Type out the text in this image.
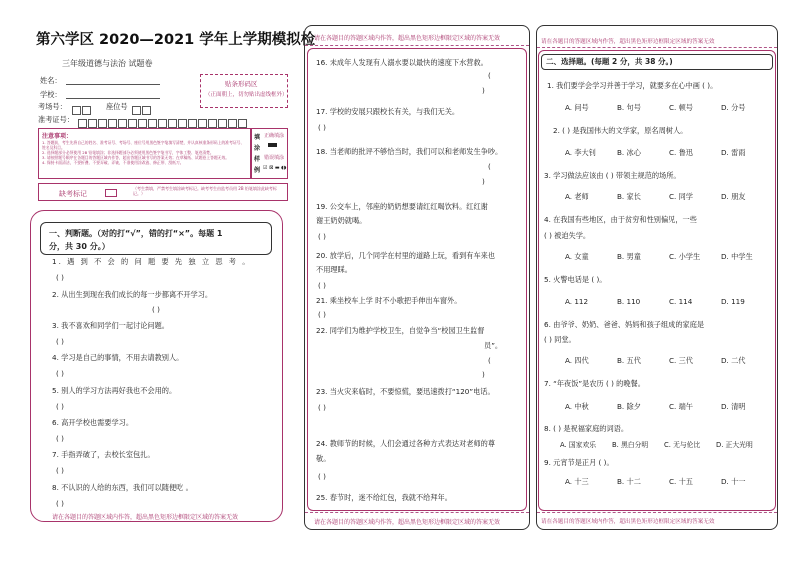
第六学区 2020—2021 学年上学期模拟检
三年级道德与法治 试题卷
姓名：
学校：
考场号：	座位号
准考证号：
贴条形码区
（正面朝上，切勿贴出虚线框外）
注意事项：
1. 答题前，考生先将自己的姓名、准考证号、考场号、座位号用黑色签字笔填写清楚，并认真核准条形码上的准考证号、姓名及科目。
2. 选择题部分必须使用 2B 铅笔填涂；非选择题部分必须使用黑色签字笔书写，字体工整、笔迹清楚。
3. 请按照题号顺序在各题目的答题区域内作答，超出答题区域书写的答案无效；在草稿纸、试题卷上答题无效。
4. 保持卡面清洁，不要折叠、不要弄破、弄皱，不准使用涂改液、修正带、刮纸刀。
填
涂
样
例
正确填涂
错误填涂
☑ ⊠ ▬ ◖◗
缺考标记
（考生禁填，严禁考生填涂缺考标记。缺考考生由监考员用 2B 铅笔填涂此缺考标记。）
一、判断题。（对的打“√”，错的打“×”。每题 1
分，共 30 分。）
1. 遇 到 不 会 的 问 题 要 先 独 立 思 考 。
( )
2. 从出生到现在我们成长的每一步都离不开学习。
( )
3. 我不喜欢和同学们一起讨论问题。
( )
4. 学习是自己的事情，不用去请教别人。
( )
5. 别人的学习方法再好我也不会用的。
( )
6. 高开学校也需要学习。
( )
7. 手指弄破了，去校长室包扎。
( )
8. 不认识的人给的东西，我们可以随便吃 。
( )
请在各题目的答题区域内作答，超出黑色矩形边框限定区域的答案无效
请在各题目的答题区域内作答，超出黑色矩形边框限定区域的答案无效
16. 未成年人发现有人溺水要以最快的速度下水营救。
(
)
17. 学校的安展只跟校长有关，与我们无关。
( )
18. 当老师的批评不够恰当时，我们可以和老师发生争吵。
(
)
19. 公交车上，邻座的奶奶想要请红红喝饮料。红红谢
谢王奶奶就喝。
( )
20. 放学后，几个同学在村里的道路上玩，看到有车来也
不用理睬。
( )
21. 乘坐校车上学 时不小歌把手伸出车窗外。
( )
22. 同学们为维护学校卫生，自觉争当“校园卫生监督
员”。
(
)
23. 当火灾来临时，不要惊慌，要迅速拨打“120”电话。
( )
24. 教师节的时候，人们会通过各种方式表达对老师的尊
敬。
( )
25. 春节时，迷不给红包，我就不给拜年。
请在各题目的答题区域内作答，超出黑色矩形边框限定区域的答案无效
请在各题目的答题区域内作答，超出黑色矩形边框限定区域的答案无效
二、选择题。(每题 2 分，共 38 分。)
1. 我们要学会学习并善于学习，就要多在心中画 ( )。
A. 问号	B. 句号	C. 顿号	D. 分号
2. ( ) 是我国伟大的文学家，原名周树人。
A. 李大钊	B. 冰心	C. 鲁迅	D. 雷雨
3. 学习做法应该由 ( ) 带领主规范的场所。
A. 老师	B. 家长	C. 同学	D. 朋友
4. 在我国有些地区，由于贫穷和性别偏见，一些
( ) 被迫失学。
A. 女童	B. 男童	C. 小学生	D. 中学生
5. 火警电话是 ( )。
A. 112	B. 110	C. 114	D. 119
6. 由爷爷、奶奶、爸爸、妈妈和孩子组成的家庭是
( ) 同堂。
A. 四代	B. 五代	C. 三代	D. 二代
7. “年夜饭”是农历 ( ) 的晚餐。
A. 中秋	B. 除夕	C. 端午	D. 清明
8. ( ) 是祝福家庭的词语。
A. 国家欢乐 B. 黑白分明 C. 无与伦比 D. 正大光明
9. 元宵节是正月 ( )。
A. 十三	B. 十二	C. 十五	D. 十一
请在各题目的答题区域内作答，超出黑色矩形边框限定区域的答案无效
